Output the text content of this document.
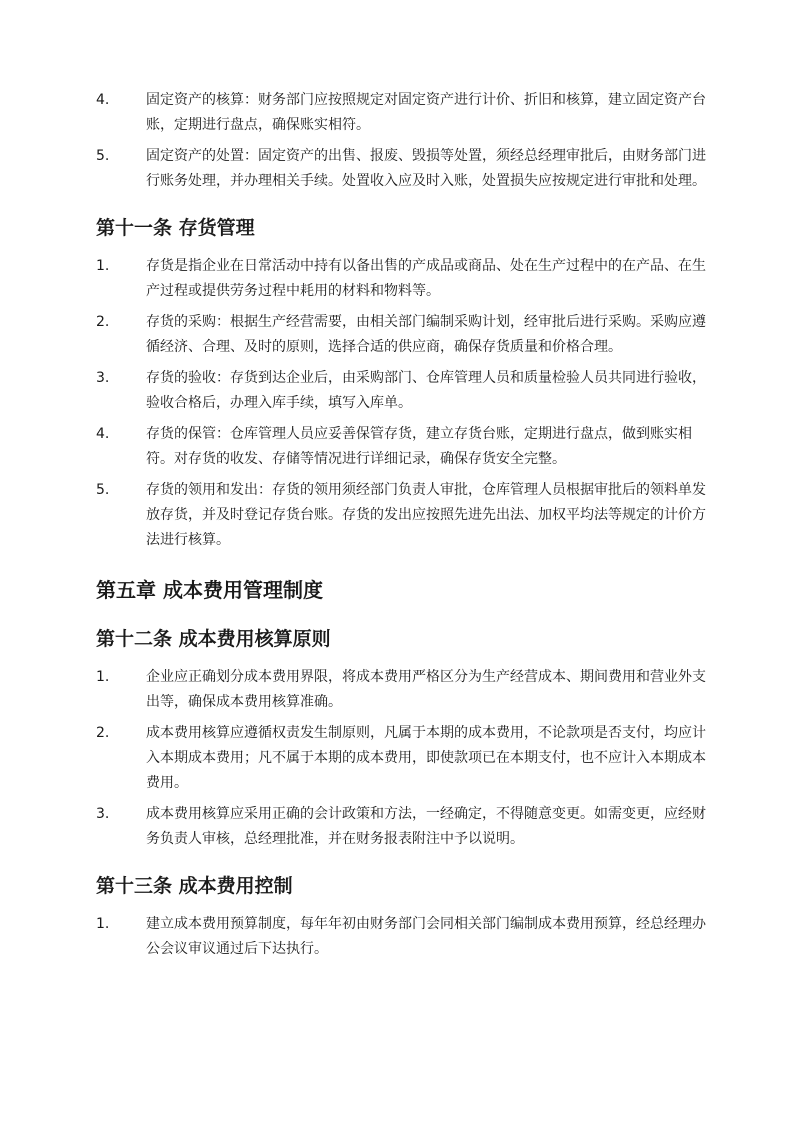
4.	固定资产的核算：财务部门应按照规定对固定资产进行计价、折旧和核算，建立固定资产台账，定期进行盘点，确保账实相符。
5.	固定资产的处置：固定资产的出售、报废、毁损等处置，须经总经理审批后，由财务部门进行账务处理，并办理相关手续。处置收入应及时入账，处置损失应按规定进行审批和处理。
第十一条 存货管理
1.	存货是指企业在日常活动中持有以备出售的产成品或商品、处在生产过程中的在产品、在生产过程或提供劳务过程中耗用的材料和物料等。
2.	存货的采购：根据生产经营需要，由相关部门编制采购计划，经审批后进行采购。采购应遵循经济、合理、及时的原则，选择合适的供应商，确保存货质量和价格合理。
3.	存货的验收：存货到达企业后，由采购部门、仓库管理人员和质量检验人员共同进行验收，验收合格后，办理入库手续，填写入库单。
4.	存货的保管：仓库管理人员应妥善保管存货，建立存货台账，定期进行盘点，做到账实相符。对存货的收发、存储等情况进行详细记录，确保存货安全完整。
5.	存货的领用和发出：存货的领用须经部门负责人审批，仓库管理人员根据审批后的领料单发放存货，并及时登记存货台账。存货的发出应按照先进先出法、加权平均法等规定的计价方法进行核算。
第五章 成本费用管理制度
第十二条 成本费用核算原则
1.	企业应正确划分成本费用界限，将成本费用严格区分为生产经营成本、期间费用和营业外支出等，确保成本费用核算准确。
2.	成本费用核算应遵循权责发生制原则，凡属于本期的成本费用，不论款项是否支付，均应计入本期成本费用；凡不属于本期的成本费用，即使款项已在本期支付，也不应计入本期成本费用。
3.	成本费用核算应采用正确的会计政策和方法，一经确定，不得随意变更。如需变更，应经财务负责人审核，总经理批准，并在财务报表附注中予以说明。
第十三条 成本费用控制
1.	建立成本费用预算制度，每年年初由财务部门会同相关部门编制成本费用预算，经总经理办公会议审议通过后下达执行。
